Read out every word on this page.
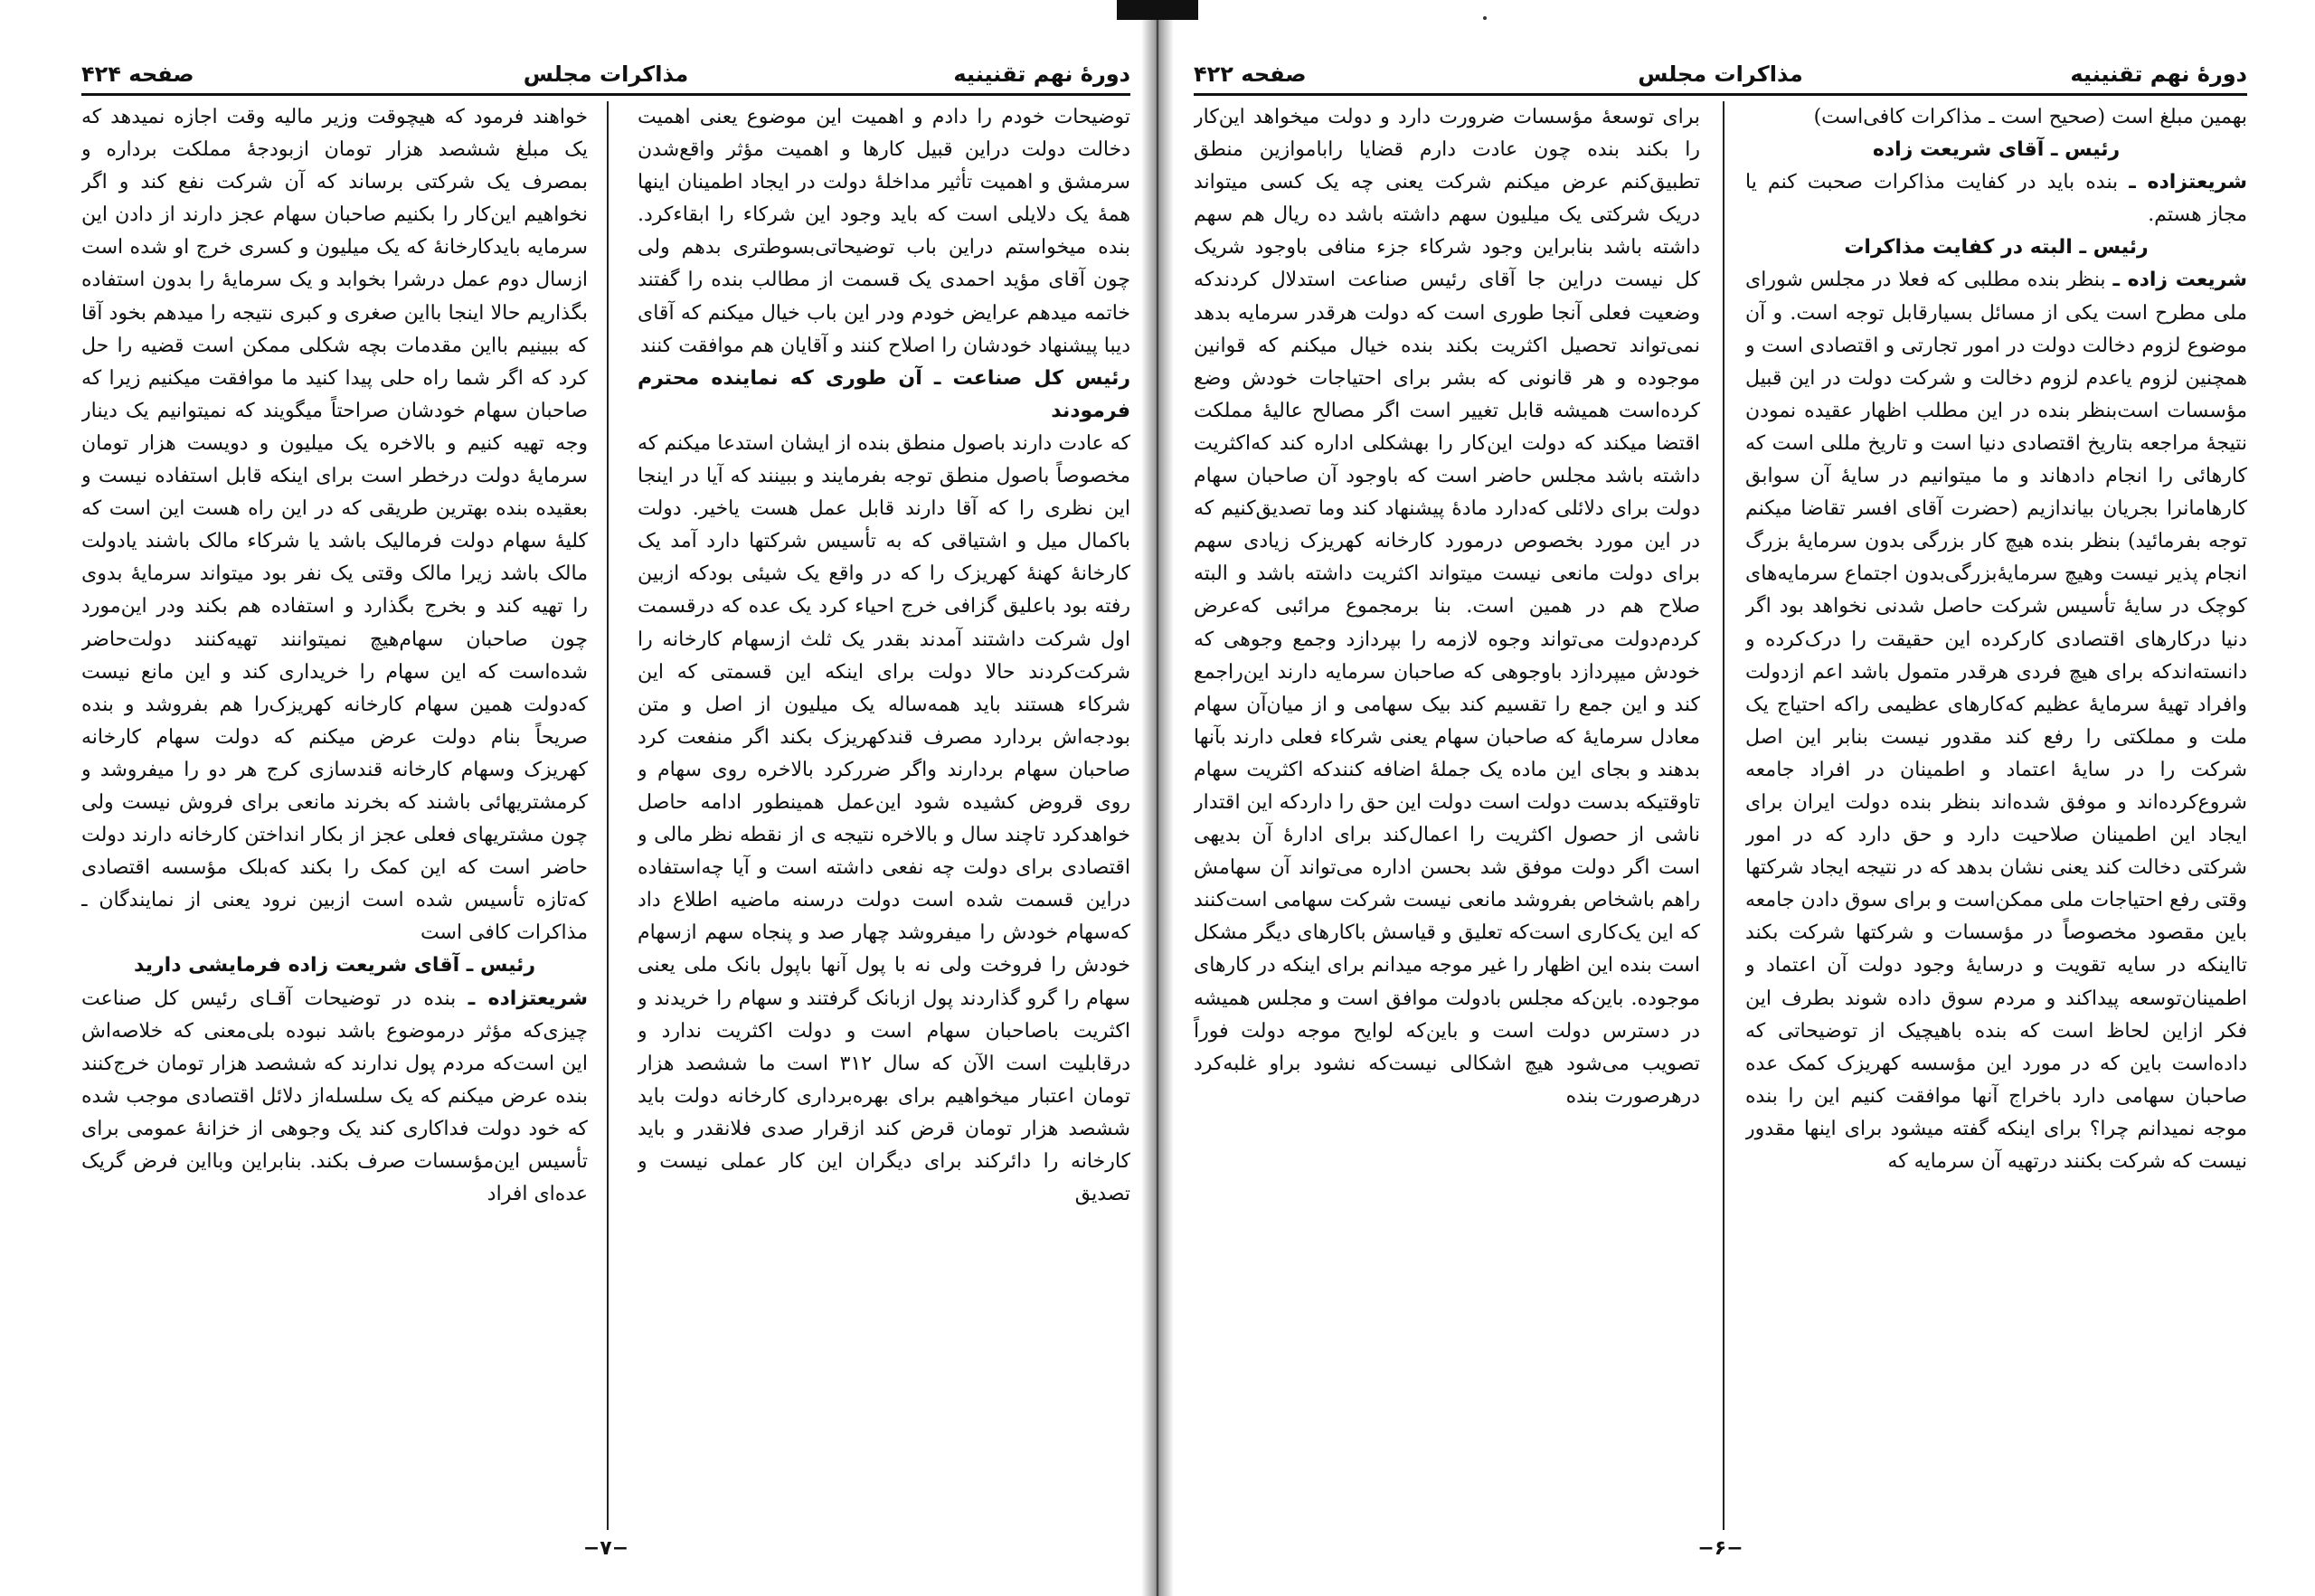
دورهٔ نهم تقنینیه
مذاکرات مجلس
صفحه ۴۲۴

توضیحات خودم را دادم و اهمیت این موضوع یعنی اهمیت دخالت دولت دراین قبیل کارها و اهمیت مؤثر واقع‌شدن سرمشق و اهمیت تأثیر مداخلهٔ دولت در ایجاد اطمینان اینها همهٔ یک دلایلی است که باید وجود این شرکاء را ابقاءکرد. بنده میخواستم دراین باب توضیحاتی‌بسوطتری بدهم ولی چون آقای مؤید احمدی یک قسمت از مطالب بنده را گفتند خاتمه میدهم عرایض خودم ودر این باب خیال میکنم که آقای دیبا پیشنهاد خودشان را اصلاح کنند و آقایان هم موافقت کنند

رئیس کل صناعت ـ آن طوری که نماینده محترم فرمودند

که عادت دارند باصول منطق بنده از ایشان استدعا میکنم که مخصوصاً باصول منطق توجه بفرمایند و ببینند که آیا در اینجا این نظری را که آقا دارند قابل عمل هست یاخیر. دولت باکمال میل و اشتیاقی که به تأسیس شرکتها دارد آمد یک کارخانهٔ کهنهٔ کهریزک را که در واقع یک شیئی بودکه ازبین رفته بود باعلیق گزافی خرج احیاء کرد یک عده که درقسمت اول شرکت داشتند آمدند بقدر یک ثلث ازسهام کارخانه را شرکت‌کردند حالا دولت برای اینکه این قسمتی که این شرکاء هستند باید همه‌ساله یک میلیون از اصل و متن بودجه‌اش بردارد مصرف قندکهریزک بکند اگر منفعت کرد صاحبان سهام بردارند واگر ضررکرد بالاخره روی سهام و روی قروض کشیده شود این‌عمل همینطور ادامه حاصل خواهدکرد تاچند سال و بالاخره نتیجه ی از نقطه نظر مالی و اقتصادی برای دولت چه نفعی داشته است و آیا چه‌استفاده دراین قسمت شده است دولت درسنه ماضیه اطلاع داد که‌سهام خودش را میفروشد چهار صد و پنجاه سهم ازسهام خودش را فروخت ولی نه با پول آنها باپول بانک ملی یعنی سهام را گرو گذاردند پول ازبانک گرفتند و سهام را خریدند و اکثریت باصاحبان سهام است و دولت اکثریت ندارد و درقابلیت است الآن که سال ۳۱۲ است ما ششصد هزار تومان اعتبار میخواهیم برای بهره‌برداری کارخانه دولت باید ششصد هزار تومان قرض کند ازقرار صدی فلانقدر و باید کارخانه را دائرکند برای دیگران این کار عملی نیست و تصدیق

خواهند فرمود که هیچوقت وزیر مالیه وقت اجازه نمیدهد که یک مبلغ ششصد هزار تومان ازبودجهٔ مملکت برداره و بمصرف یک شرکتی برساند که آن شرکت نفع کند و اگر نخواهیم این‌کار را بکنیم صاحبان سهام عجز دارند از دادن این سرمایه بایدکارخانهٔ که یک میلیون و کسری خرج او شده است ازسال دوم عمل درشرا بخوابد و یک سرمایهٔ را بدون استفاده بگذاریم حالا اینجا بااین صغری و کبری نتیجه را میدهم بخود آقا که ببینیم بااین مقدمات بچه شکلی ممکن است قضیه را حل کرد که اگر شما راه حلی پیدا کنید ما موافقت میکنیم زیرا که صاحبان سهام خودشان صراحتاً میگویند که نمیتوانیم یک دینار وجه تهیه کنیم و بالاخره یک میلیون و دویست هزار تومان سرمایهٔ دولت درخطر است برای اینکه قابل استفاده نیست و بعقیده بنده بهترین طریقی که در این راه هست این است که کلیهٔ سهام دولت فرمالیک باشد یا شرکاء مالک باشند یادولت مالک باشد زیرا مالک وقتی یک نفر بود میتواند سرمایهٔ بدوی را تهیه کند و بخرج بگذارد و استفاده هم بکند ودر این‌مورد چون صاحبان سهام‌هیچ نمیتوانند تهیه‌کنند دولت‌حاضر شده‌است که این سهام را خریداری کند و این مانع نیست که‌دولت همین سهام کارخانه کهریزک‌را هم بفروشد و بنده صریحاً بنام دولت عرض میکنم که دولت سهام کارخانه کهریزک وسهام کارخانه قندسازی کرج هر دو را میفروشد و کرمشتریهائی باشند که بخرند مانعی برای فروش نیست ولی چون مشتریهای فعلی عجز از بکار انداختن کارخانه دارند دولت حاضر است که این کمک را بکند که‌بلک مؤسسه اقتصادی که‌تازه تأسیس شده است ازبین نرود یعنی از نمایندگان ـ مذاکرات کافی است

رئیس ـ آقای شریعت زاده فرمایشی دارید

شریعتزاده ـ بنده در توضیحات آقـای رئیس کل صناعت چیزی‌که مؤثر درموضوع باشد نبوده بلی‌معنی که خلاصه‌اش این است‌که مردم پول ندارند که ششصد هزار تومان خرج‌کنند بنده عرض میکنم که یک سلسله‌از دلائل اقتصادی موجب شده که خود دولت فداکاری کند یک وجوهی از خزانهٔ عمومی برای تأسیس این‌مؤسسات صرف بکند. بنابراین وبااین فرض گریک عده‌ای افراد

−۷−
دورهٔ نهم تقنینیه
مذاکرات مجلس
صفحه ۴۲۲

بهمین مبلغ است (صحیح است ـ مذاکرات کافی‌است)

رئیس ـ آقای شریعت زاده

شریعتزاده ـ بنده باید در کفایت مذاکرات صحبت کنم یا مجاز هستم.

رئیس ـ البته در کفایت مذاکرات

شریعت زاده ـ بنظر بنده مطلبی که فعلا در مجلس شورای ملی مطرح است یکی از مسائل بسیارقابل توجه است. و آن موضوع لزوم دخالت دولت در امور تجارتی و اقتصادی است و همچنین لزوم یاعدم لزوم دخالت و شرکت دولت در این قبیل مؤسسات است‌بنظر بنده در این مطلب اظهار عقیده نمودن نتیجهٔ مراجعه بتاریخ اقتصادی دنیا است و تاریخ مللی است که کارهائی را انجام دادهاند و ما میتوانیم در سایهٔ آن سوابق کارهامانرا بجریان بیاندازیم (حضرت آقای افسر تقاضا میکنم توجه بفرمائید) بنظر بنده هیچ کار بزرگی بدون سرمایهٔ بزرگ انجام پذیر نیست وهیچ سرمایهٔ‌بزرگی‌بدون اجتماع سرمایه‌های کوچک در سایهٔ تأسیس شرکت حاصل شدنی نخواهد بود اگر دنیا درکارهای اقتصادی کارکرده این حقیقت را درک‌کرده و دانسته‌اندکه برای هیچ فردی هرقدر متمول باشد اعم ازدولت وافراد تهیهٔ سرمایهٔ عظیم که‌کارهای عظیمی راکه احتیاج یک ملت و مملکتی را رفع کند مقدور نیست بنابر این اصل شرکت را در سایهٔ اعتماد و اطمینان در افراد جامعه شروع‌کرده‌اند و موفق شده‌اند بنظر بنده دولت ایران برای ایجاد این اطمینان صلاحیت دارد و حق دارد که در امور شرکتی دخالت کند یعنی نشان بدهد که در نتیجه ایجاد شرکتها وقتی رفع احتیاجات ملی ممکن‌است و برای سوق دادن جامعه باین مقصود مخصوصاً در مؤسسات و شرکتها شرکت بکند تااینکه در سایه تقویت و درسایهٔ وجود دولت آن اعتماد و اطمینان‌توسعه پیداکند و مردم سوق داده شوند بطرف این فکر ازاین لحاظ است که بنده باهیچیک از توضیحاتی که داده‌است باین که در مورد این مؤسسه کهریزک کمک عده صاحبان سهامی دارد باخراج آنها موافقت کنیم این را بنده موجه نمیدانم چرا؟ برای اینکه گفته میشود برای اینها مقدور نیست که شرکت بکنند درتهیه آن سرمایه که

برای توسعهٔ مؤسسات ضرورت دارد و دولت میخواهد این‌کار را بکند بنده چون عادت دارم قضایا راباموازین منطق تطبیق‌کنم عرض میکنم شرکت یعنی چه یک کسی میتواند دریک شرکتی یک میلیون سهم داشته باشد ده ریال هم سهم داشته باشد بنابراین وجود شرکاء جزء منافی باوجود شریک کل نیست دراین جا آقای رئیس صناعت استدلال کردندکه وضعیت فعلی آنجا طوری است که دولت هرقدر سرمایه بدهد نمی‌تواند تحصیل اکثریت بکند بنده خیال میکنم که قوانین موجوده و هر قانونی که بشر برای احتیاجات خودش وضع کرده‌است همیشه قابل تغییر است اگر مصالح عالیهٔ مملکت اقتضا میکند که دولت این‌کار را بهشکلی اداره کند که‌اکثریت داشته باشد مجلس حاضر است که باوجود آن صاحبان سهام دولت برای دلائلی که‌دارد مادهٔ پیشنهاد کند وما تصدیق‌کنیم که در این مورد بخصوص درمورد کارخانه کهریزک زیادی سهم برای دولت مانعی نیست میتواند اکثریت داشته باشد و البته صلاح هم در همین است. بنا برمجموع مرائبی که‌عرض کردم‌دولت می‌تواند وجوه لازمه را بپردازد وجمع وجوهی که خودش میپردازد باوجوهی که صاحبان سرمایه دارند این‌راجمع کند و این جمع را تقسیم کند بیک سهامی و از میان‌آن سهام معادل سرمایهٔ که صاحبان سهام یعنی شرکاء فعلی دارند بآنها بدهند و بجای این ماده یک جملهٔ اضافه کنندکه اکثریت سهام تاوقتیکه بدست دولت است دولت این حق را داردکه این اقتدار ناشی از حصول اکثریت را اعمال‌کند برای ادارهٔ آن بدیهی است اگر دولت موفق شد بحسن اداره می‌تواند آن سهامش راهم باشخاص بفروشد مانعی نیست شرکت سهامی است‌کنند که این یک‌کاری است‌که تعلیق و قیاسش باکارهای دیگر مشکل است بنده این اظهار را غیر موجه میدانم برای اینکه در کارهای موجوده. باین‌که مجلس بادولت موافق است و مجلس همیشه در دسترس دولت است و باین‌که لوایح موجه دولت فوراً تصویب می‌شود هیچ اشکالی نیست‌که نشود براو غلبه‌کرد درهرصورت بنده

−۶−
